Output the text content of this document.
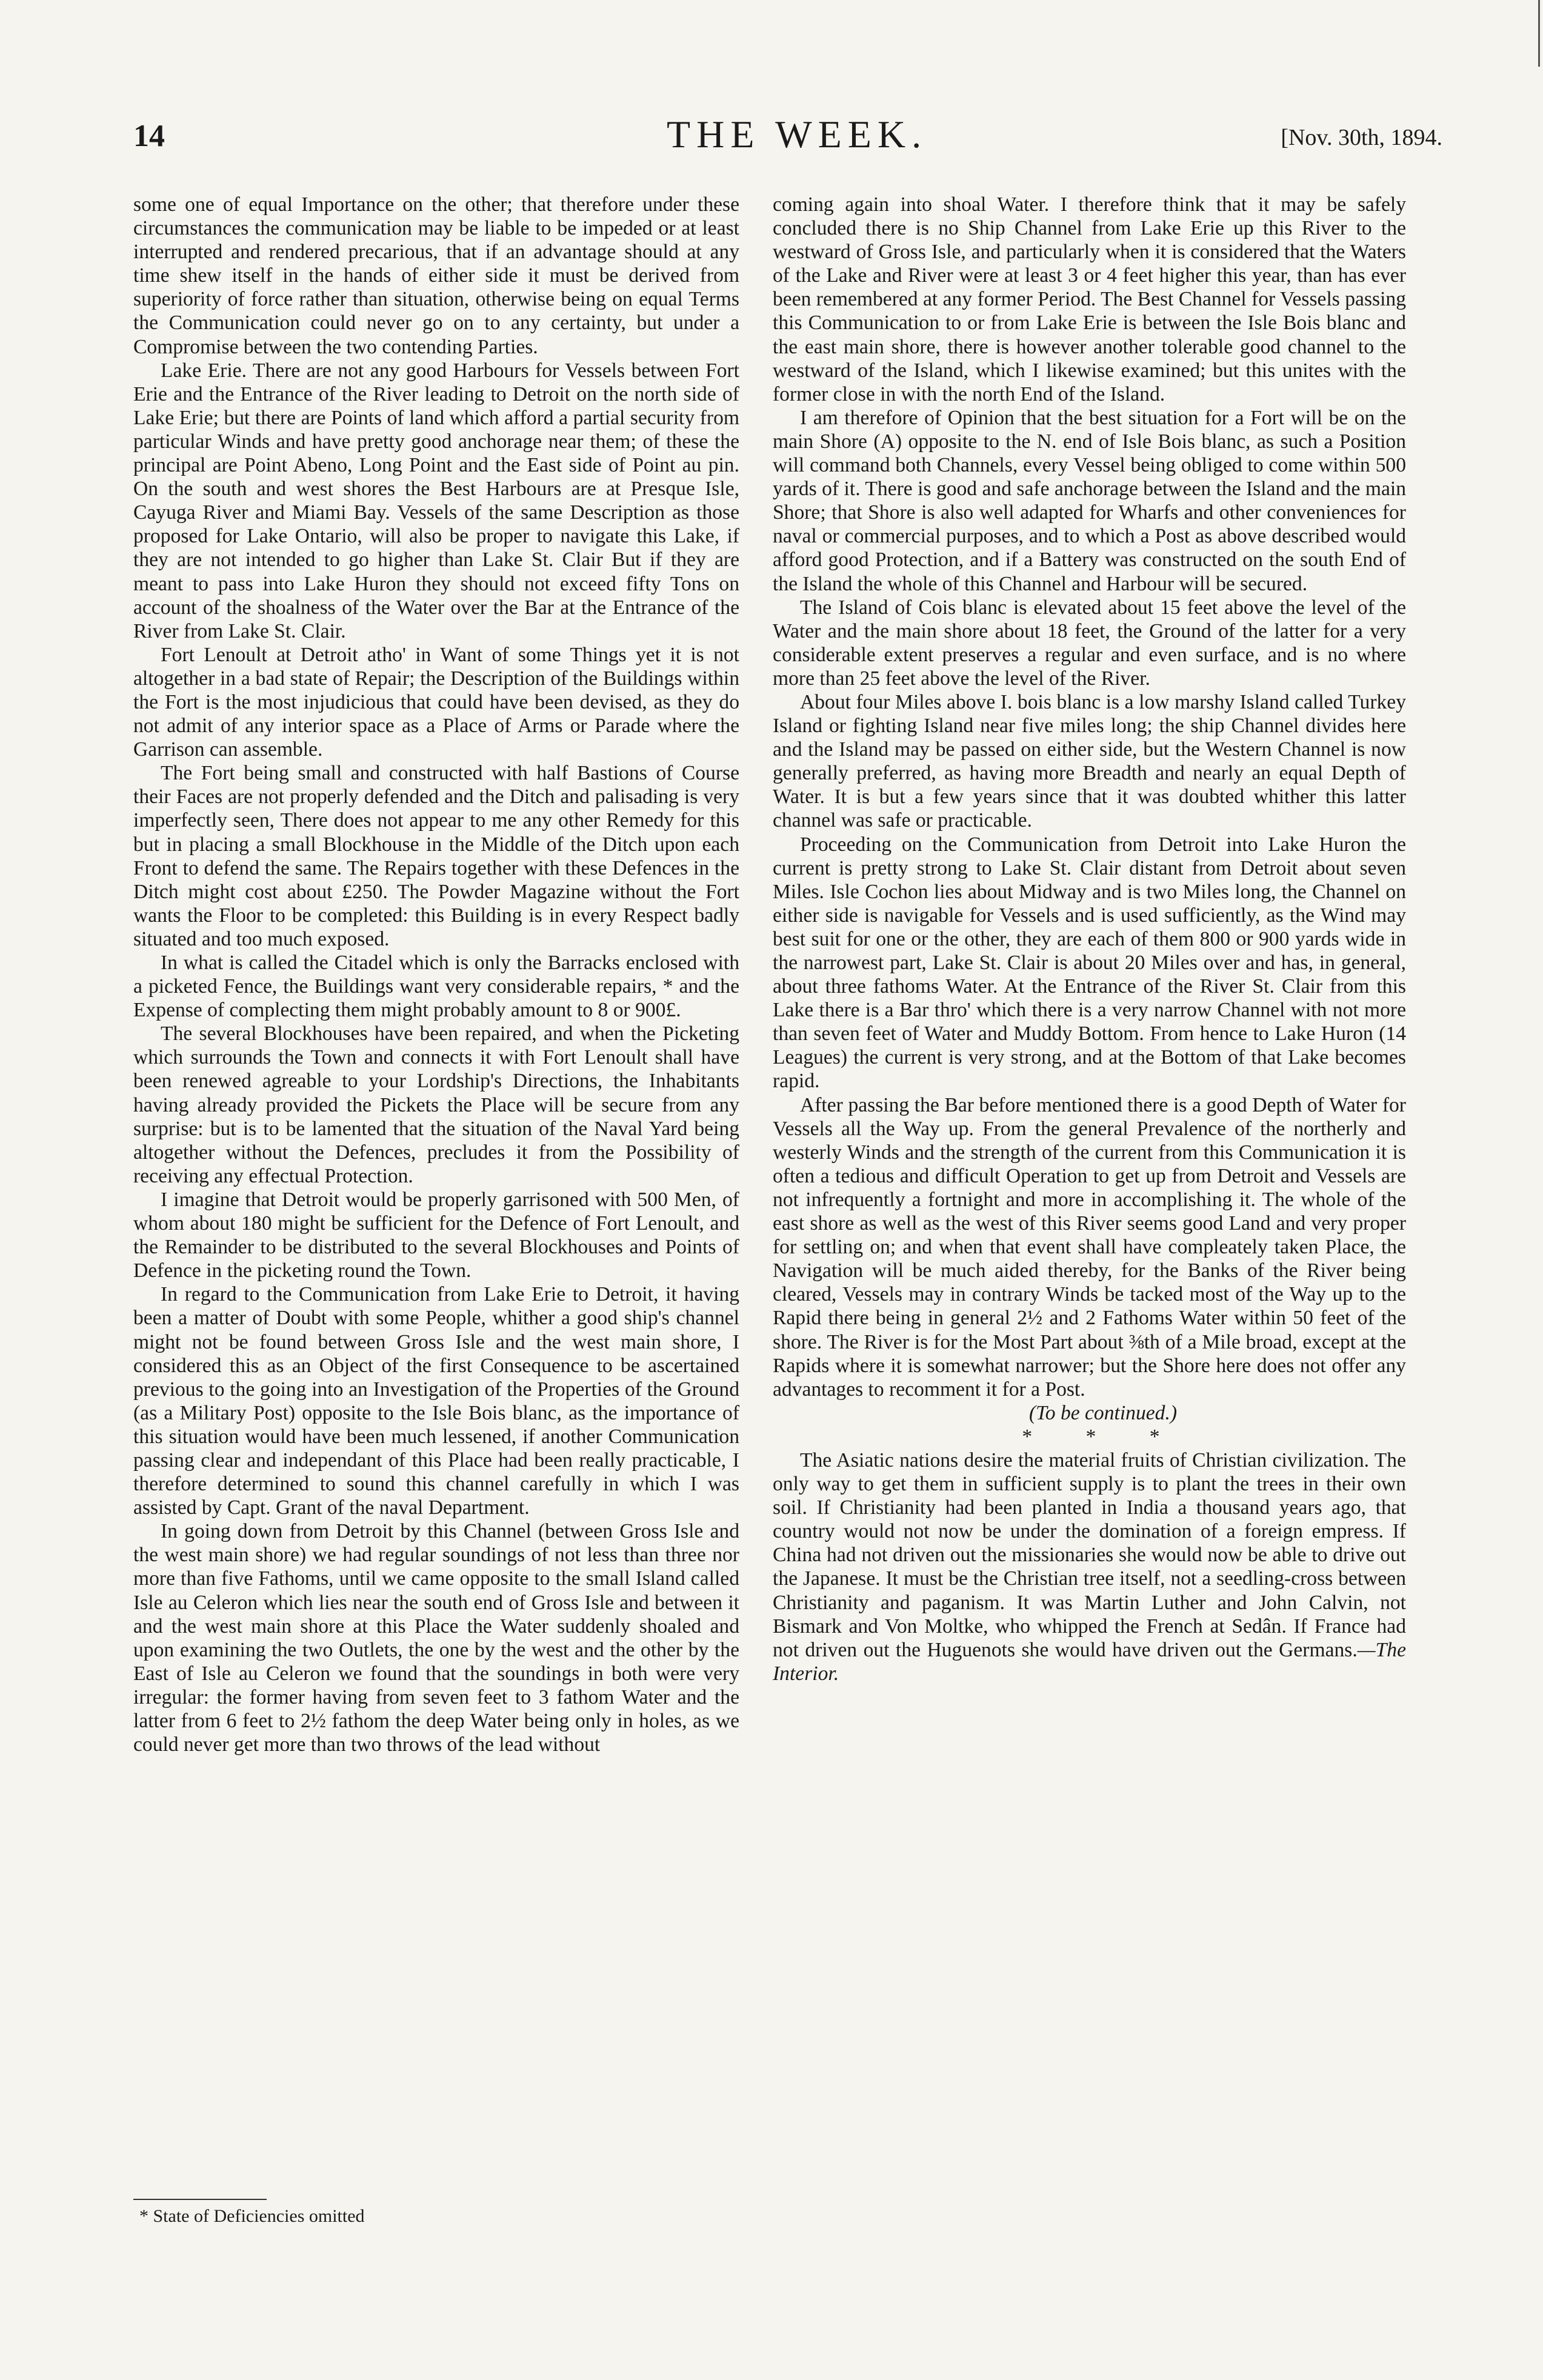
14	THE WEEK.	[Nov. 30th, 1894.

some one of equal Importance on the other; that therefore under these circumstances the communication may be liable to be impeded or at least interrupted and rendered precarious, that if an advantage should at any time shew itself in the hands of either side it must be derived from superiority of force rather than situation, otherwise being on equal Terms the Communication could never go on to any certainty, but under a Compromise between the two contending Parties.

Lake Erie. There are not any good Harbours for Vessels between Fort Erie and the Entrance of the River leading to Detroit on the north side of Lake Erie; but there are Points of land which afford a partial security from particular Winds and have pretty good anchorage near them; of these the principal are Point Abeno, Long Point and the East side of Point au pin. On the south and west shores the Best Harbours are at Presque Isle, Cayuga River and Miami Bay. Vessels of the same Description as those proposed for Lake Ontario, will also be proper to navigate this Lake, if they are not intended to go higher than Lake St. Clair But if they are meant to pass into Lake Huron they should not exceed fifty Tons on account of the shoalness of the Water over the Bar at the Entrance of the River from Lake St. Clair.

Fort Lenoult at Detroit atho' in Want of some Things yet it is not altogether in a bad state of Repair; the Description of the Buildings within the Fort is the most injudicious that could have been devised, as they do not admit of any interior space as a Place of Arms or Parade where the Garrison can assemble.

The Fort being small and constructed with half Bastions of Course their Faces are not properly defended and the Ditch and palisading is very imperfectly seen, There does not appear to me any other Remedy for this but in placing a small Blockhouse in the Middle of the Ditch upon each Front to defend the same. The Repairs together with these Defences in the Ditch might cost about £250. The Powder Magazine without the Fort wants the Floor to be completed: this Building is in every Respect badly situated and too much exposed.

In what is called the Citadel which is only the Barracks enclosed with a picketed Fence, the Buildings want very considerable repairs, * and the Expense of complecting them might probably amount to 8 or 900£.

The several Blockhouses have been repaired, and when the Picketing which surrounds the Town and connects it with Fort Lenoult shall have been renewed agreable to your Lordship's Directions, the Inhabitants having already provided the Pickets the Place will be secure from any surprise: but is to be lamented that the situation of the Naval Yard being altogether without the Defences, precludes it from the Possibility of receiving any effectual Protection.

I imagine that Detroit would be properly garrisoned with 500 Men, of whom about 180 might be sufficient for the Defence of Fort Lenoult, and the Remainder to be distributed to the several Blockhouses and Points of Defence in the picketing round the Town.

In regard to the Communication from Lake Erie to Detroit, it having been a matter of Doubt with some People, whither a good ship's channel might not be found between Gross Isle and the west main shore, I considered this as an Object of the first Consequence to be ascertained previous to the going into an Investigation of the Properties of the Ground (as a Military Post) opposite to the Isle Bois blanc, as the importance of this situation would have been much lessened, if another Communication passing clear and independant of this Place had been really practicable, I therefore determined to sound this channel carefully in which I was assisted by Capt. Grant of the naval Department.

In going down from Detroit by this Channel (between Gross Isle and the west main shore) we had regular soundings of not less than three nor more than five Fathoms, until we came opposite to the small Island called Isle au Celeron which lies near the south end of Gross Isle and between it and the west main shore at this Place the Water suddenly shoaled and upon examining the two Outlets, the one by the west and the other by the East of Isle au Celeron we found that the soundings in both were very irregular: the former having from seven feet to 3 fathom Water and the latter from 6 feet to 2½ fathom the deep Water being only in holes, as we could never get more than two throws of the lead without

* State of Deficiencies omitted

coming again into shoal Water. I therefore think that it may be safely concluded there is no Ship Channel from Lake Erie up this River to the westward of Gross Isle, and particularly when it is considered that the Waters of the Lake and River were at least 3 or 4 feet higher this year, than has ever been remembered at any former Period. The Best Channel for Vessels passing this Communication to or from Lake Erie is between the Isle Bois blanc and the east main shore, there is however another tolerable good channel to the westward of the Island, which I likewise examined; but this unites with the former close in with the north End of the Island.

I am therefore of Opinion that the best situation for a Fort will be on the main Shore (A) opposite to the N. end of Isle Bois blanc, as such a Position will command both Channels, every Vessel being obliged to come within 500 yards of it. There is good and safe anchorage between the Island and the main Shore; that Shore is also well adapted for Wharfs and other conveniences for naval or commercial purposes, and to which a Post as above described would afford good Protection, and if a Battery was constructed on the south End of the Island the whole of this Channel and Harbour will be secured.

The Island of Cois blanc is elevated about 15 feet above the level of the Water and the main shore about 18 feet, the Ground of the latter for a very considerable extent preserves a regular and even surface, and is no where more than 25 feet above the level of the River.

About four Miles above I. bois blanc is a low marshy Island called Turkey Island or fighting Island near five miles long; the ship Channel divides here and the Island may be passed on either side, but the Western Channel is now generally preferred, as having more Breadth and nearly an equal Depth of Water. It is but a few years since that it was doubted whither this latter channel was safe or practicable.

Proceeding on the Communication from Detroit into Lake Huron the current is pretty strong to Lake St. Clair distant from Detroit about seven Miles. Isle Cochon lies about Midway and is two Miles long, the Channel on either side is navigable for Vessels and is used sufficiently, as the Wind may best suit for one or the other, they are each of them 800 or 900 yards wide in the narrowest part, Lake St. Clair is about 20 Miles over and has, in general, about three fathoms Water. At the Entrance of the River St. Clair from this Lake there is a Bar thro' which there is a very narrow Channel with not more than seven feet of Water and Muddy Bottom. From hence to Lake Huron (14 Leagues) the current is very strong, and at the Bottom of that Lake becomes rapid.

After passing the Bar before mentioned there is a good Depth of Water for Vessels all the Way up. From the general Prevalence of the northerly and westerly Winds and the strength of the current from this Communication it is often a tedious and difficult Operation to get up from Detroit and Vessels are not infrequently a fortnight and more in accomplishing it. The whole of the east shore as well as the west of this River seems good Land and very proper for settling on; and when that event shall have compleately taken Place, the Navigation will be much aided thereby, for the Banks of the River being cleared, Vessels may in contrary Winds be tacked most of the Way up to the Rapid there being in general 2½ and 2 Fathoms Water within 50 feet of the shore. The River is for the Most Part about ⅜th of a Mile broad, except at the Rapids where it is somewhat narrower; but the Shore here does not offer any advantages to recomment it for a Post.

(To be continued.)

* * *

The Asiatic nations desire the material fruits of Christian civilization. The only way to get them in sufficient supply is to plant the trees in their own soil. If Christianity had been planted in India a thousand years ago, that country would not now be under the domination of a foreign empress. If China had not driven out the missionaries she would now be able to drive out the Japanese. It must be the Christian tree itself, not a seedling-cross between Christianity and paganism. It was Martin Luther and John Calvin, not Bismark and Von Moltke, who whipped the French at Sedân. If France had not driven out the Huguenots she would have driven out the Germans.—The Interior.
